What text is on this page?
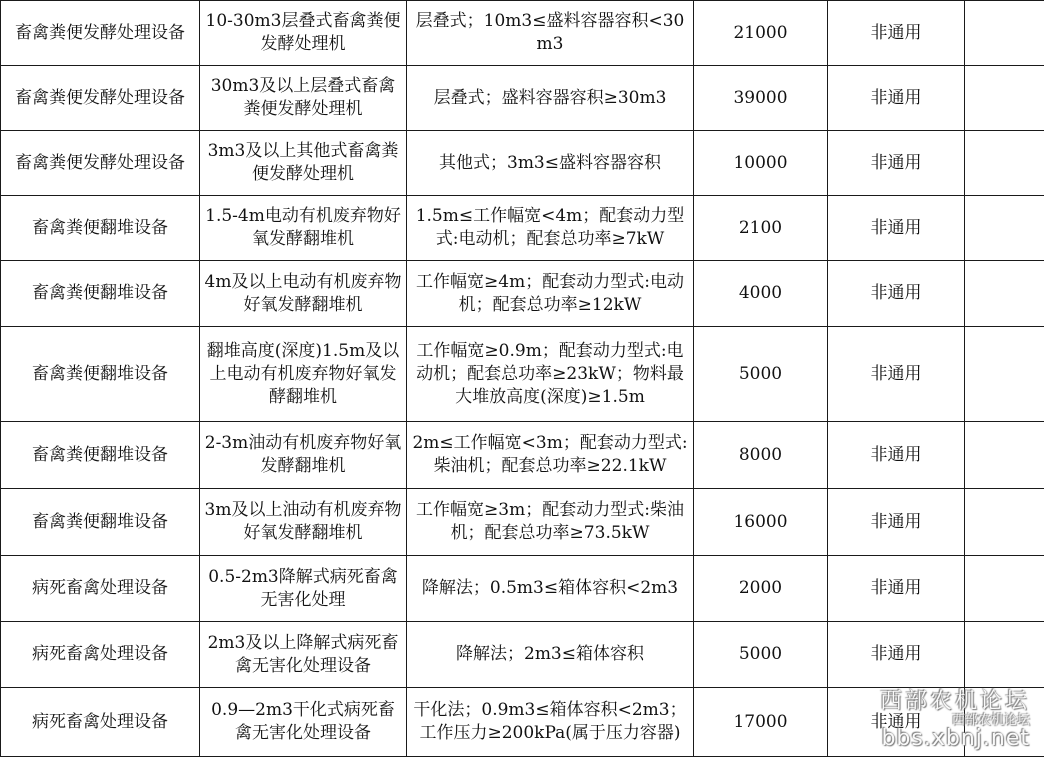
畜禽粪便发酵处理设备	10-30m3层叠式畜禽粪便发酵处理机	层叠式；10m3≤盛料容器容积<30m3	21000	非通用	
畜禽粪便发酵处理设备	30m3及以上层叠式畜禽粪便发酵处理机	层叠式；盛料容器容积≥30m3	39000	非通用	
畜禽粪便发酵处理设备	3m3及以上其他式畜禽粪便发酵处理机	其他式；3m3≤盛料容器容积	10000	非通用	
畜禽粪便翻堆设备	1.5-4m电动有机废弃物好氧发酵翻堆机	1.5m≤工作幅宽<4m；配套动力型式:电动机；配套总功率≥7kW	2100	非通用	
畜禽粪便翻堆设备	4m及以上电动有机废弃物好氧发酵翻堆机	工作幅宽≥4m；配套动力型式:电动机；配套总功率≥12kW	4000	非通用	
畜禽粪便翻堆设备	翻堆高度(深度)1.5m及以上电动有机废弃物好氧发酵翻堆机	工作幅宽≥0.9m；配套动力型式:电动机；配套总功率≥23kW；物料最大堆放高度(深度)≥1.5m	5000	非通用	
畜禽粪便翻堆设备	2-3m油动有机废弃物好氧发酵翻堆机	2m≤工作幅宽<3m；配套动力型式:柴油机；配套总功率≥22.1kW	8000	非通用	
畜禽粪便翻堆设备	3m及以上油动有机废弃物好氧发酵翻堆机	工作幅宽≥3m；配套动力型式:柴油机；配套总功率≥73.5kW	16000	非通用	
病死畜禽处理设备	0.5-2m3降解式病死畜禽无害化处理	降解法；0.5m3≤箱体容积<2m3	2000	非通用	
病死畜禽处理设备	2m3及以上降解式病死畜禽无害化处理设备	降解法；2m3≤箱体容积	5000	非通用	
病死畜禽处理设备	0.9—2m3干化式病死畜禽无害化处理设备	干化法；0.9m3≤箱体容积<2m3；工作压力≥200kPa(属于压力容器)	17000	非通用	
西部农机论坛
西部农机论坛
bbs.xbnj.net
